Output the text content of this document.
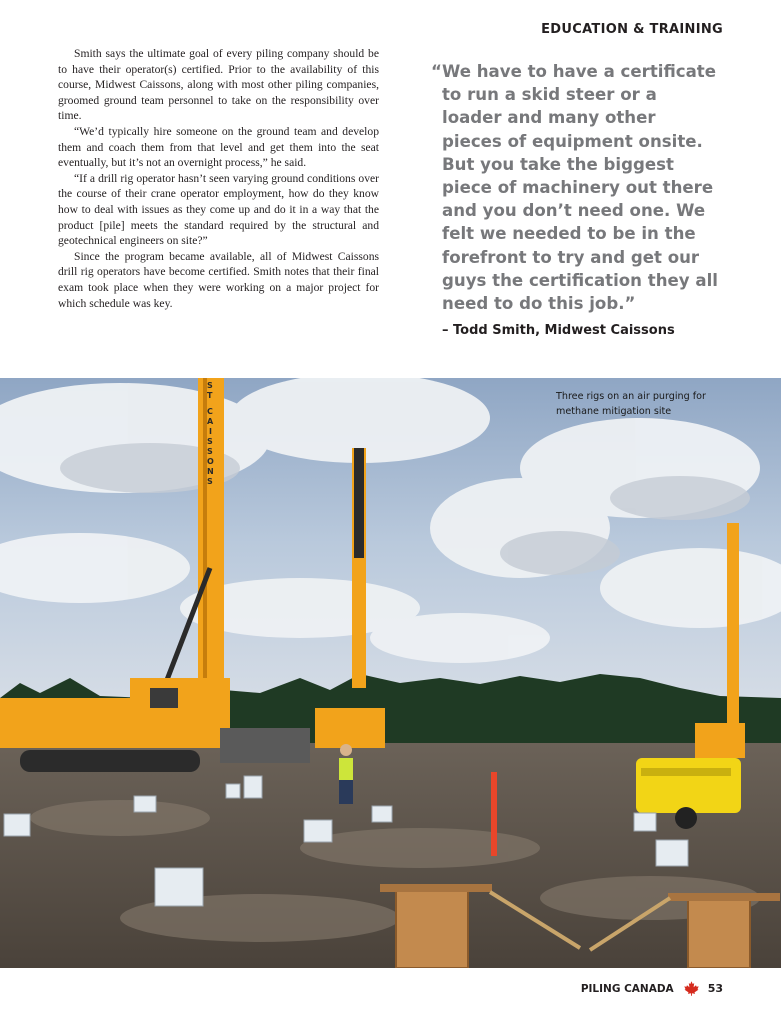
EDUCATION & TRAINING

Smith says the ultimate goal of every piling company should be to have their operator(s) certified. Prior to the availability of this course, Midwest Caissons, along with most other piling companies, groomed ground team personnel to take on the responsibility over time.

“We’d typically hire someone on the ground team and develop them and coach them from that level and get them into the seat eventually, but it’s not an overnight process,” he said.

“If a drill rig operator hasn’t seen varying ground conditions over the course of their crane operator employment, how do they know how to deal with issues as they come up and do it in a way that the product [pile] meets the standard required by the structural and geotechnical engineers on site?”

Since the program became available, all of Midwest Caissons drill rig operators have become certified. Smith notes that their final exam took place when they were working on a major project for which schedule was key.

“ We have to have a certificate to run a skid steer or a loader and many other pieces of equipment onsite. But you take the biggest piece of machinery out there and you don’t need one. We felt we needed to be in the forefront to try and get our guys the certification they all need to do this job.”
– Todd Smith, Midwest Caissons
S
T
C
A
I
S
S
O
N
S
Three rigs on an air purging for methane mitigation site
PILING CANADA	53
